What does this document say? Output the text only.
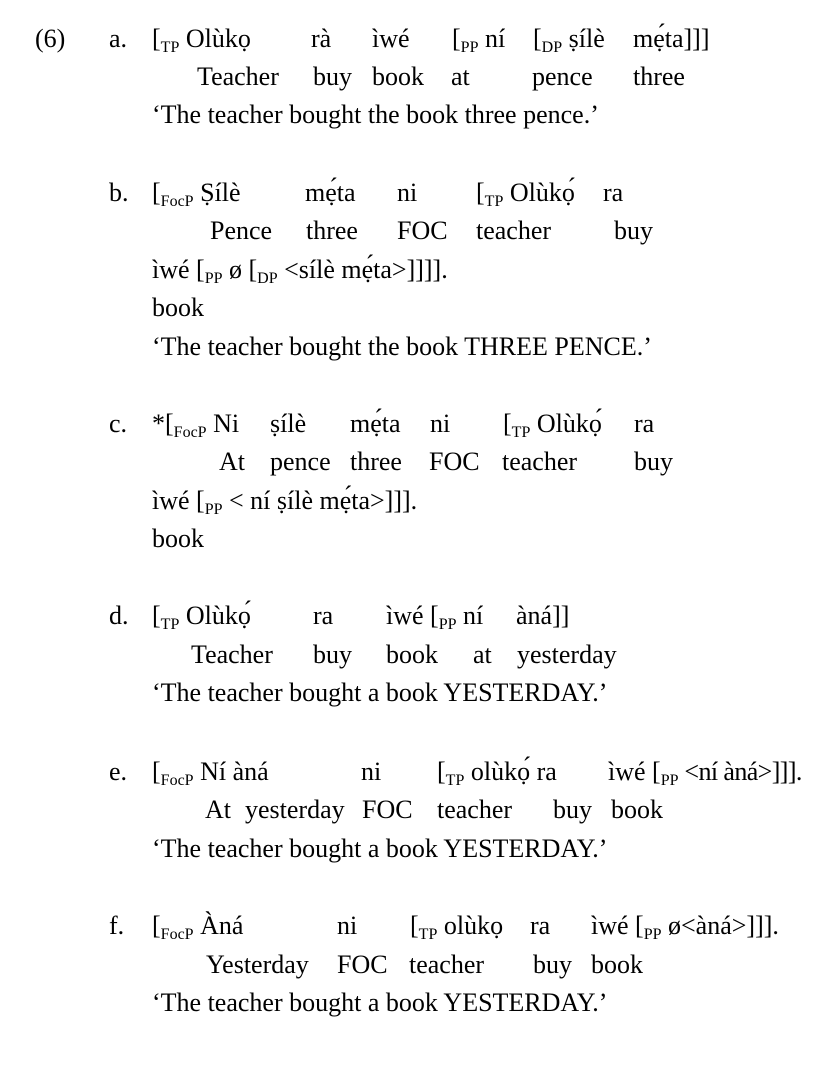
(6) a. [TP Olùkọ rà ìwé [PP ní [DP ṣílè mẹ́ta]]]
Teacher buy book at pence three
‘The teacher bought the book three pence.’
b. [FocP Ṣílè mẹ́ta ni [TP Olùkọ́ ra
Pence three FOC teacher buy
ìwé [PP ø [DP <sílè mẹ́ta>]]]].
book
‘The teacher bought the book THREE PENCE.’
c. *[FocP Ni ṣílè mẹ́ta ni [TP Olùkọ́ ra
At pence three FOC teacher buy
ìwé [PP < ní ṣílè mẹ́ta>]]].
book
d. [TP Olùkọ́ ra ìwé [PP ní àná]]
Teacher buy book at yesterday
‘The teacher bought a book YESTERDAY.’
e. [FocP Ní àná	ni [TP olùkọ́ ra ìwé [PP <ní àná>]]].
At yesterday FOC teacher buy book
‘The teacher bought a book YESTERDAY.’
f. [FocP Àná	ni [TP olùkọ ra ìwé [PP ø<àná>]]].
Yesterday FOC teacher buy book
‘The teacher bought a book YESTERDAY.’
